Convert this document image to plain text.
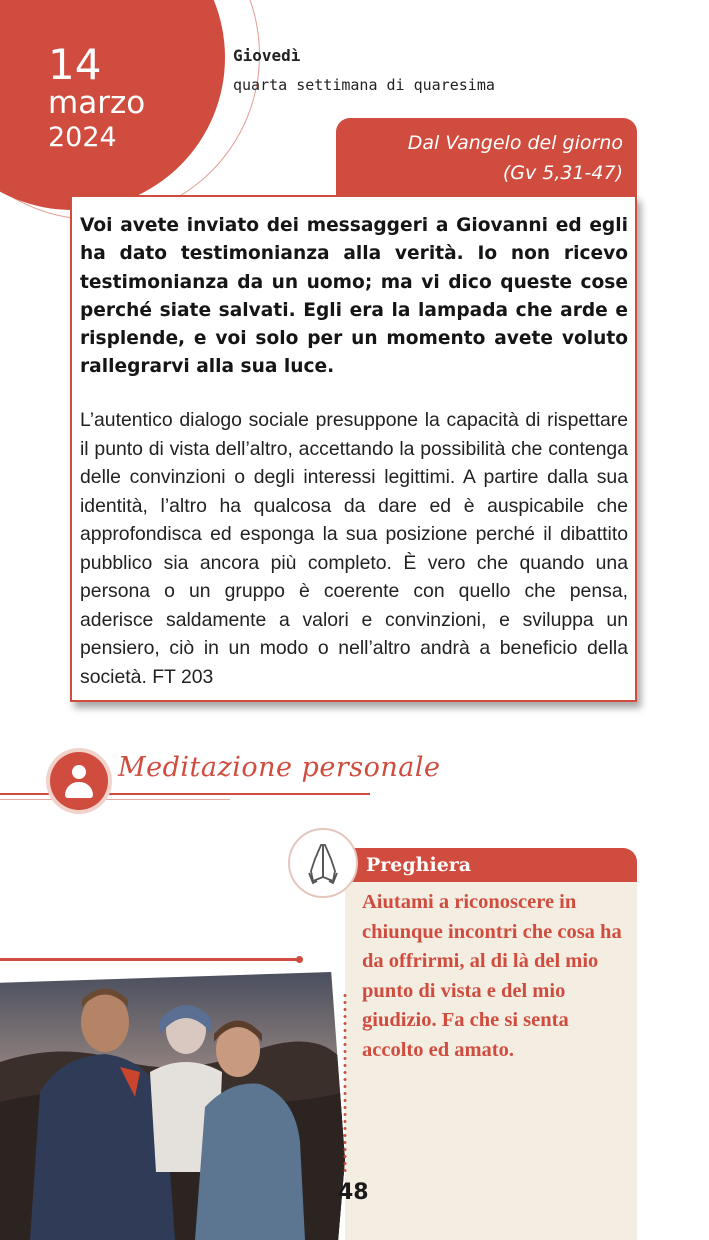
14
marzo
2024
Giovedì
quarta settimana di quaresima
Dal Vangelo del giorno
(Gv 5,31-47)
Voi avete inviato dei messaggeri a Giovanni ed egli ha dato testimonianza alla verità. Io non ricevo testimonianza da un uomo; ma vi dico queste cose perché siate salvati. Egli era la lampada che arde e risplende, e voi solo per un momento avete voluto rallegrarvi alla sua luce.
L’autentico dialogo sociale presuppone la capacità di rispettare il punto di vista dell’altro, accettando la possibilità che contenga delle convinzioni o degli interessi legittimi. A partire dalla sua identità, l’altro ha qualcosa da dare ed è auspicabile che approfondisca ed esponga la sua posizione perché il dibattito pubblico sia ancora più completo. È vero che quando una persona o un gruppo è coerente con quello che pensa, aderisce saldamente a valori e convinzioni, e sviluppa un pensiero, ciò in un modo o nell’altro andrà a beneficio della società. FT 203
Meditazione personale
Preghiera
Aiutami a riconoscere in chiunque incontri che cosa ha da offrirmi, al di là del mio punto di vista e del mio giudizio. Fa che si senta accolto ed amato.
48
